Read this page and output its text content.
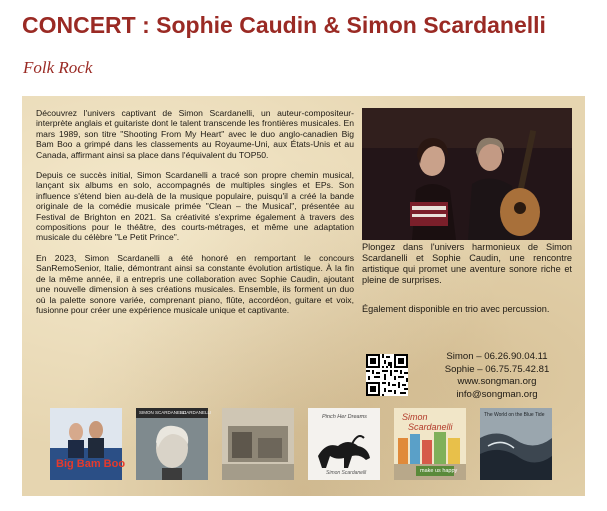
CONCERT : Sophie Caudin & Simon Scardanelli
Folk Rock

Découvrez l'univers captivant de Simon Scardanelli, un auteur-compositeur-interprète anglais et guitariste dont le talent transcende les frontières musicales. En mars 1989, son titre "Shooting From My Heart" avec le duo anglo-canadien Big Bam Boo a grimpé dans les classements au Royaume-Uni, aux États-Unis et au Canada, affirmant ainsi sa place dans l'équivalent du TOP50.

Depuis ce succès initial, Simon Scardanelli a tracé son propre chemin musical, lançant six albums en solo, accompagnés de multiples singles et EPs. Son influence s'étend bien au-delà de la musique populaire, puisqu'il a créé la bande originale de la comédie musicale primée "Clean – the Musical", présentée au Festival de Brighton en 2021. Sa créativité s'exprime également à travers des compositions pour le théâtre, des courts-métrages, et même une adaptation musicale du célèbre "Le Petit Prince".

En 2023, Simon Scardanelli a été honoré en remportant le concours SanRemoSenior, Italie, démontrant ainsi sa constante évolution artistique. À la fin de la même année, il a entrepris une collaboration avec Sophie Caudin, ajoutant une nouvelle dimension à ses créations musicales. Ensemble, ils forment un duo où la palette sonore variée, comprenant piano, flûte, accordéon, guitare et voix, fusionne pour créer une expérience musicale unique et captivante.

Plongez dans l'univers harmonieux de Simon Scardanelli et Sophie Caudin, une rencontre artistique qui promet une aventure sonore riche et pleine de surprises.

Également disponible en trio avec percussion.

Simon – 06.26.90.04.11
Sophie – 06.75.75.42.81
www.songman.org
info@songman.org
Big Bam Boo
SIMON SCARDANELLI
SCARDANELLI
Pinch Her Dreams
Simon Scardanelli
Simon
Scardanelli
make us happy
The World on the Blue Tide
